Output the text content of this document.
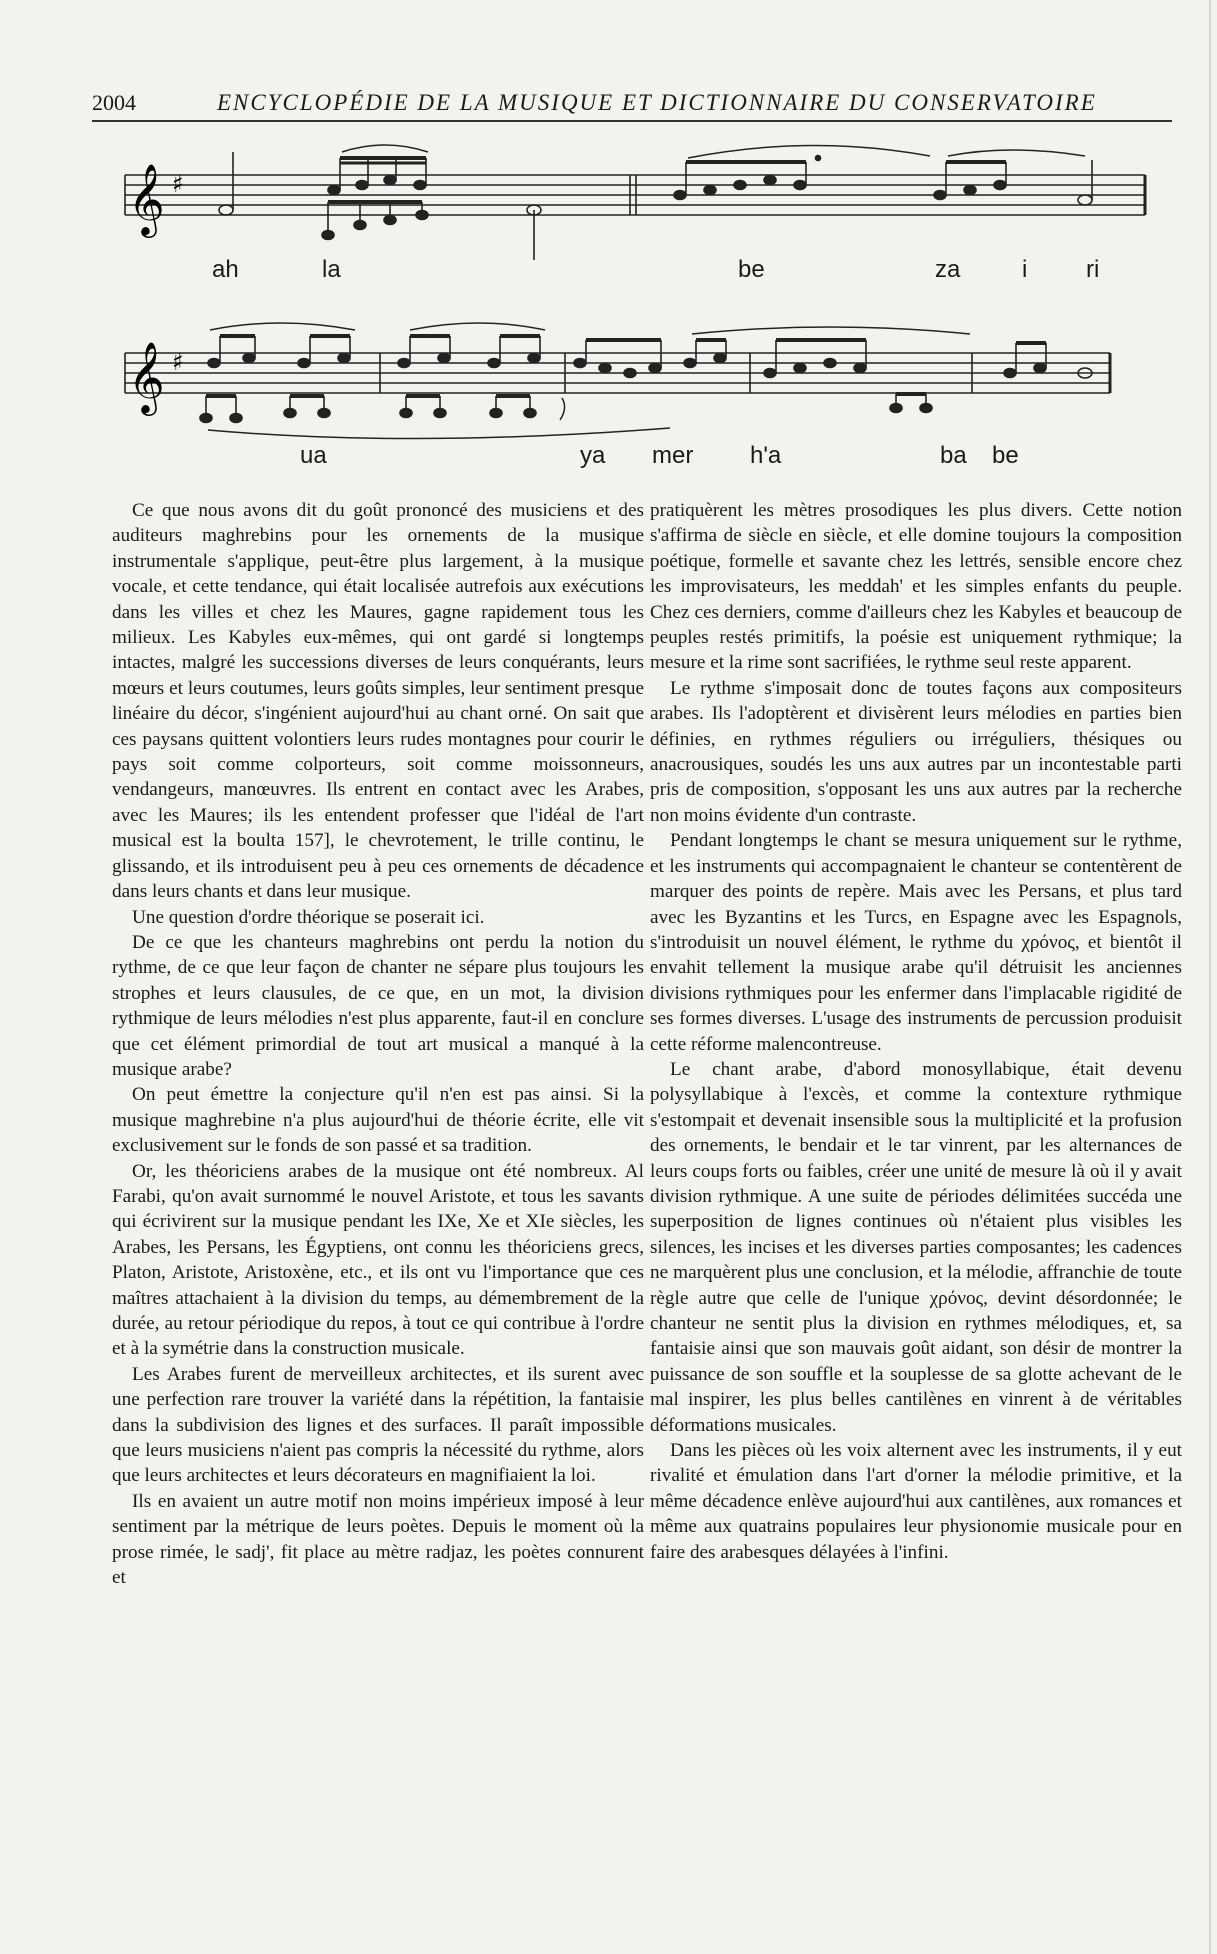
2004	ENCYCLOPÉDIE DE LA MUSIQUE ET DICTIONNAIRE DU CONSERVATOIRE
𝄞 ♯
ah	la	be	za	i ri
𝄞 ♯
ua	ya mer h'a	ba be

Ce que nous avons dit du goût prononcé des musiciens et des auditeurs maghrebins pour les ornements de la musique instrumentale s'applique, peut-être plus largement, à la musique vocale, et cette tendance, qui était localisée autrefois aux exécutions dans les villes et chez les Maures, gagne rapidement tous les milieux. Les Kabyles eux-mêmes, qui ont gardé si longtemps intactes, malgré les successions diverses de leurs conquérants, leurs mœurs et leurs coutumes, leurs goûts simples, leur sentiment presque linéaire du décor, s'ingénient aujourd'hui au chant orné. On sait que ces paysans quittent volontiers leurs rudes montagnes pour courir le pays soit comme colporteurs, soit comme moissonneurs, vendangeurs, manœuvres. Ils entrent en contact avec les Arabes, avec les Maures; ils les entendent professer que l'idéal de l'art musical est la boulta 157], le chevrotement, le trille continu, le glissando, et ils introduisent peu à peu ces ornements de décadence dans leurs chants et dans leur musique.

Une question d'ordre théorique se poserait ici.

De ce que les chanteurs maghrebins ont perdu la notion du rythme, de ce que leur façon de chanter ne sépare plus toujours les strophes et leurs clausules, de ce que, en un mot, la division rythmique de leurs mélodies n'est plus apparente, faut-il en conclure que cet élément primordial de tout art musical a manqué à la musique arabe?

On peut émettre la conjecture qu'il n'en est pas ainsi. Si la musique maghrebine n'a plus aujourd'hui de théorie écrite, elle vit exclusivement sur le fonds de son passé et sa tradition.

Or, les théoriciens arabes de la musique ont été nombreux. Al Farabi, qu'on avait surnommé le nouvel Aristote, et tous les savants qui écrivirent sur la musique pendant les IXe, Xe et XIe siècles, les Arabes, les Persans, les Égyptiens, ont connu les théoriciens grecs, Platon, Aristote, Aristoxène, etc., et ils ont vu l'importance que ces maîtres attachaient à la division du temps, au démembrement de la durée, au retour périodique du repos, à tout ce qui contribue à l'ordre et à la symétrie dans la construction musicale.

Les Arabes furent de merveilleux architectes, et ils surent avec une perfection rare trouver la variété dans la répétition, la fantaisie dans la subdivision des lignes et des surfaces. Il paraît impossible que leurs musiciens n'aient pas compris la nécessité du rythme, alors que leurs architectes et leurs décorateurs en magnifiaient la loi.

Ils en avaient un autre motif non moins impérieux imposé à leur sentiment par la métrique de leurs poètes. Depuis le moment où la prose rimée, le sadj', fit place au mètre radjaz, les poètes connurent et

pratiquèrent les mètres prosodiques les plus divers. Cette notion s'affirma de siècle en siècle, et elle domine toujours la composition poétique, formelle et savante chez les lettrés, sensible encore chez les improvisateurs, les meddah' et les simples enfants du peuple. Chez ces derniers, comme d'ailleurs chez les Kabyles et beaucoup de peuples restés primitifs, la poésie est uniquement rythmique; la mesure et la rime sont sacrifiées, le rythme seul reste apparent.

Le rythme s'imposait donc de toutes façons aux compositeurs arabes. Ils l'adoptèrent et divisèrent leurs mélodies en parties bien définies, en rythmes réguliers ou irréguliers, thésiques ou anacrousiques, soudés les uns aux autres par un incontestable parti pris de composition, s'opposant les uns aux autres par la recherche non moins évidente d'un contraste.

Pendant longtemps le chant se mesura uniquement sur le rythme, et les instruments qui accompagnaient le chanteur se contentèrent de marquer des points de repère. Mais avec les Persans, et plus tard avec les Byzantins et les Turcs, en Espagne avec les Espagnols, s'introduisit un nouvel élément, le rythme du χρόνος, et bientôt il envahit tellement la musique arabe qu'il détruisit les anciennes divisions rythmiques pour les enfermer dans l'implacable rigidité de ses formes diverses. L'usage des instruments de percussion produisit cette réforme malencontreuse.

Le chant arabe, d'abord monosyllabique, était devenu polysyllabique à l'excès, et comme la contexture rythmique s'estompait et devenait insensible sous la multiplicité et la profusion des ornements, le bendair et le tar vinrent, par les alternances de leurs coups forts ou faibles, créer une unité de mesure là où il y avait division rythmique. A une suite de périodes délimitées succéda une superposition de lignes continues où n'étaient plus visibles les silences, les incises et les diverses parties composantes; les cadences ne marquèrent plus une conclusion, et la mélodie, affranchie de toute règle autre que celle de l'unique χρόνος, devint désordonnée; le chanteur ne sentit plus la division en rythmes mélodiques, et, sa fantaisie ainsi que son mauvais goût aidant, son désir de montrer la puissance de son souffle et la souplesse de sa glotte achevant de le mal inspirer, les plus belles cantilènes en vinrent à de véritables déformations musicales.

Dans les pièces où les voix alternent avec les instruments, il y eut rivalité et émulation dans l'art d'orner la mélodie primitive, et la même décadence enlève aujourd'hui aux cantilènes, aux romances et même aux quatrains populaires leur physionomie musicale pour en faire des arabesques délayées à l'infini.
